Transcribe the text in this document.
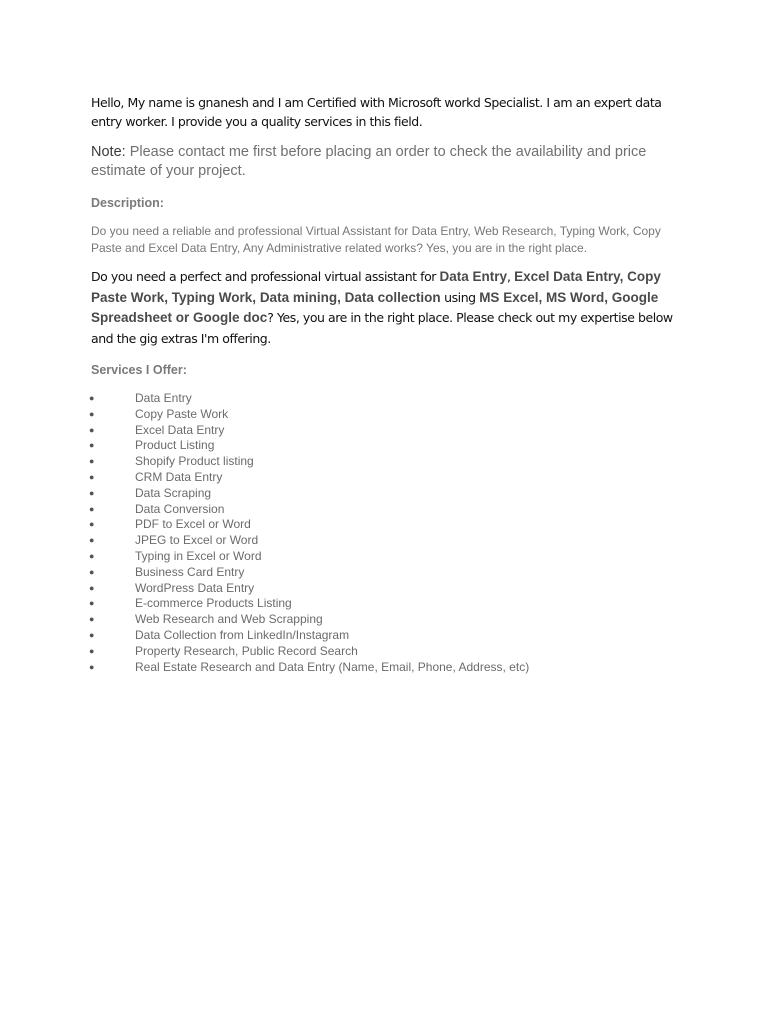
Hello, My name is gnanesh and I am Certified with Microsoft workd Specialist. I am an expert data entry worker. I provide you a quality services in this field.

Note: Please contact me first before placing an order to check the availability and price estimate of your project.

Description:

Do you need a reliable and professional Virtual Assistant for Data Entry, Web Research, Typing Work, Copy Paste and Excel Data Entry, Any Administrative related works? Yes, you are in the right place.

Do you need a perfect and professional virtual assistant for Data Entry, Excel Data Entry, Copy Paste Work, Typing Work, Data mining, Data collection using MS Excel, MS Word, Google Spreadsheet or Google doc? Yes, you are in the right place. Please check out my expertise below and the gig extras I'm offering.

Services I Offer:

●	Data Entry
●	Copy Paste Work
●	Excel Data Entry
●	Product Listing
●	Shopify Product listing
●	CRM Data Entry
●	Data Scraping
●	Data Conversion
●	PDF to Excel or Word
●	JPEG to Excel or Word
●	Typing in Excel or Word
●	Business Card Entry
●	WordPress Data Entry
●	E-commerce Products Listing
●	Web Research and Web Scrapping
●	Data Collection from LinkedIn/Instagram
●	Property Research, Public Record Search
●	Real Estate Research and Data Entry (Name, Email, Phone, Address, etc)
